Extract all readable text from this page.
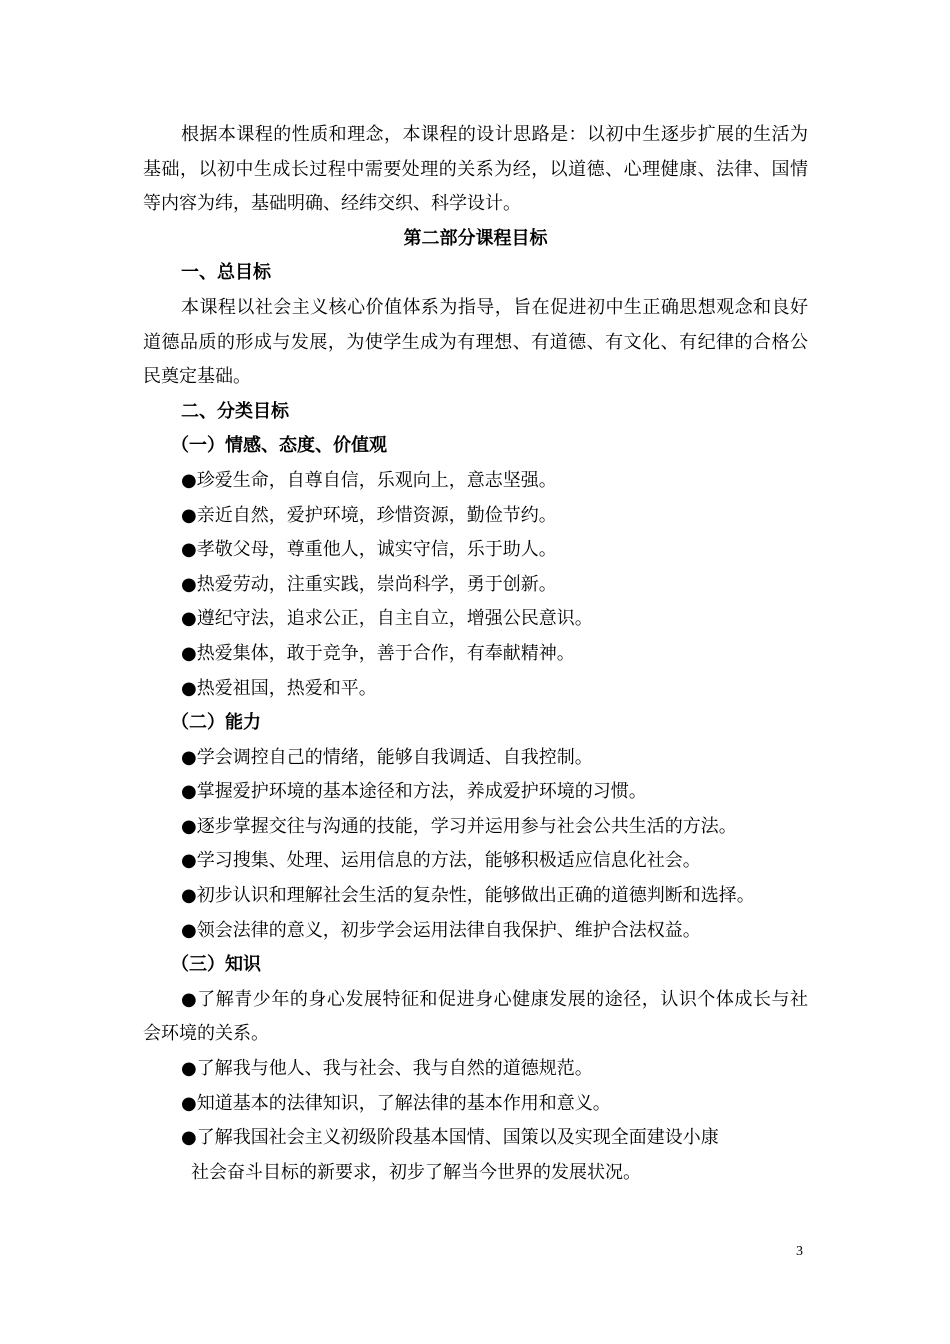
根据本课程的性质和理念，本课程的设计思路是：以初中生逐步扩展的生活为基础，以初中生成长过程中需要处理的关系为经，以道德、心理健康、法律、国情等内容为纬，基础明确、经纬交织、科学设计。

第二部分课程目标

一、总目标

本课程以社会主义核心价值体系为指导，旨在促进初中生正确思想观念和良好道德品质的形成与发展，为使学生成为有理想、有道德、有文化、有纪律的合格公民奠定基础。

二、分类目标

（一）情感、态度、价值观

●珍爱生命，自尊自信，乐观向上，意志坚强。

●亲近自然，爱护环境，珍惜资源，勤俭节约。

●孝敬父母，尊重他人，诚实守信，乐于助人。

●热爱劳动，注重实践，崇尚科学，勇于创新。

●遵纪守法，追求公正，自主自立，增强公民意识。

●热爱集体，敢于竞争，善于合作，有奉献精神。

●热爱祖国，热爱和平。

（二）能力

●学会调控自己的情绪，能够自我调适、自我控制。

●掌握爱护环境的基本途径和方法，养成爱护环境的习惯。

●逐步掌握交往与沟通的技能，学习并运用参与社会公共生活的方法。

●学习搜集、处理、运用信息的方法，能够积极适应信息化社会。

●初步认识和理解社会生活的复杂性，能够做出正确的道德判断和选择。

●领会法律的意义，初步学会运用法律自我保护、维护合法权益。

（三）知识

●了解青少年的身心发展特征和促进身心健康发展的途径，认识个体成长与社会环境的关系。

●了解我与他人、我与社会、我与自然的道德规范。

●知道基本的法律知识，了解法律的基本作用和意义。

●了解我国社会主义初级阶段基本国情、国策以及实现全面建设小康

社会奋斗目标的新要求，初步了解当今世界的发展状况。

3
